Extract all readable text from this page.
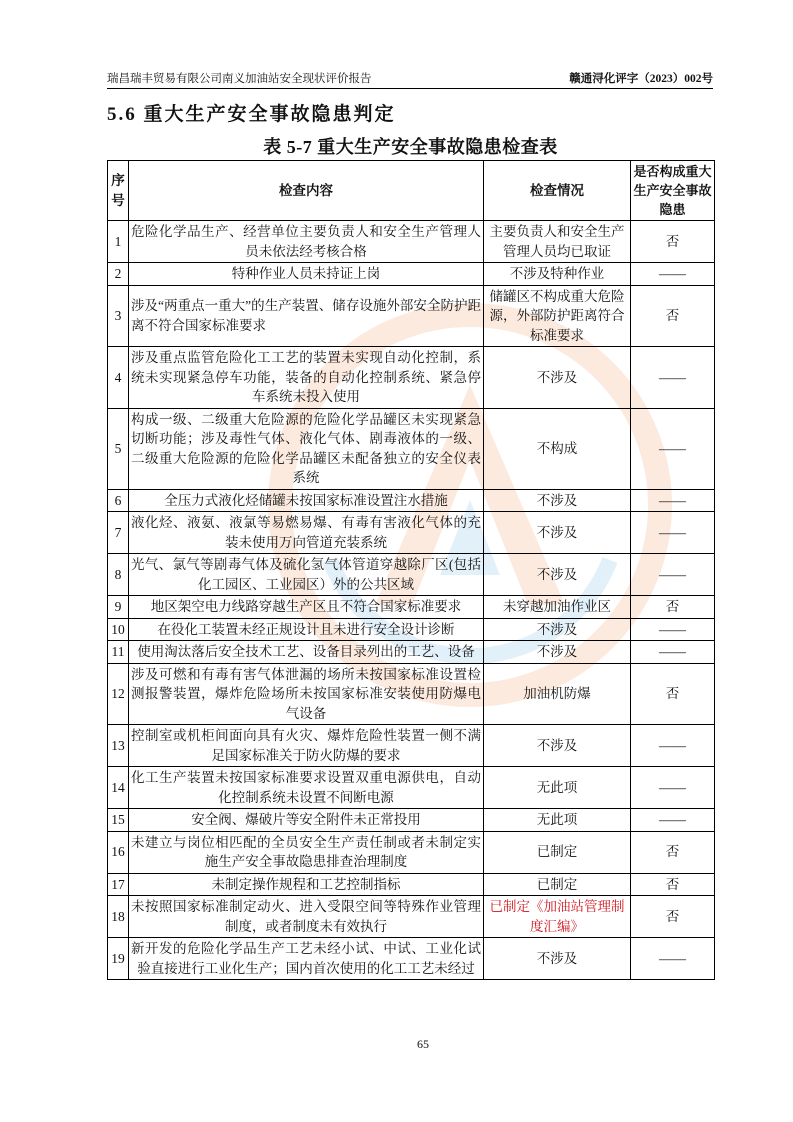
瑞昌瑞丰贸易有限公司南义加油站安全现状评价报告	赣通浔化评字（2023）002号
5.6 重大生产安全事故隐患判定
表 5-7 重大生产安全事故隐患检查表
序号	检查内容	检查情况	是否构成重大生产安全事故隐患
1	危险化学品生产、经营单位主要负责人和安全生产管理人员未依法经考核合格	主要负责人和安全生产管理人员均已取证	否
2	特种作业人员未持证上岗	不涉及特种作业	——
3	涉及“两重点一重大”的生产装置、储存设施外部安全防护距离不符合国家标准要求	储罐区不构成重大危险源，外部防护距离符合标准要求	否
4	涉及重点监管危险化工工艺的装置未实现自动化控制，系统未实现紧急停车功能，装备的自动化控制系统、紧急停车系统未投入使用	不涉及	——
5	构成一级、二级重大危险源的危险化学品罐区未实现紧急切断功能；涉及毒性气体、液化气体、剧毒液体的一级、二级重大危险源的危险化学品罐区未配备独立的安全仪表系统	不构成	——
6	全压力式液化烃储罐未按国家标准设置注水措施	不涉及	——
7	液化烃、液氨、液氯等易燃易爆、有毒有害液化气体的充装未使用万向管道充装系统	不涉及	——
8	光气、氯气等剧毒气体及硫化氢气体管道穿越除厂区(包括化工园区、工业园区）外的公共区域	不涉及	——
9	地区架空电力线路穿越生产区且不符合国家标准要求	未穿越加油作业区	否
10	在役化工装置未经正规设计且未进行安全设计诊断	不涉及	——
11	使用淘汰落后安全技术工艺、设备目录列出的工艺、设备	不涉及	——
12	涉及可燃和有毒有害气体泄漏的场所未按国家标准设置检测报警装置，爆炸危险场所未按国家标准安装使用防爆电气设备	加油机防爆	否
13	控制室或机柜间面向具有火灾、爆炸危险性装置一侧不满足国家标准关于防火防爆的要求	不涉及	——
14	化工生产装置未按国家标准要求设置双重电源供电，自动化控制系统未设置不间断电源	无此项	——
15	安全阀、爆破片等安全附件未正常投用	无此项	——
16	未建立与岗位相匹配的全员安全生产责任制或者未制定实施生产安全事故隐患排查治理制度	已制定	否
17	未制定操作规程和工艺控制指标	已制定	否
18	未按照国家标准制定动火、进入受限空间等特殊作业管理制度，或者制度未有效执行	已制定《加油站管理制度汇编》	否
19	新开发的危险化学品生产工艺未经小试、中试、工业化试验直接进行工业化生产；国内首次使用的化工工艺未经过	不涉及	——
65
